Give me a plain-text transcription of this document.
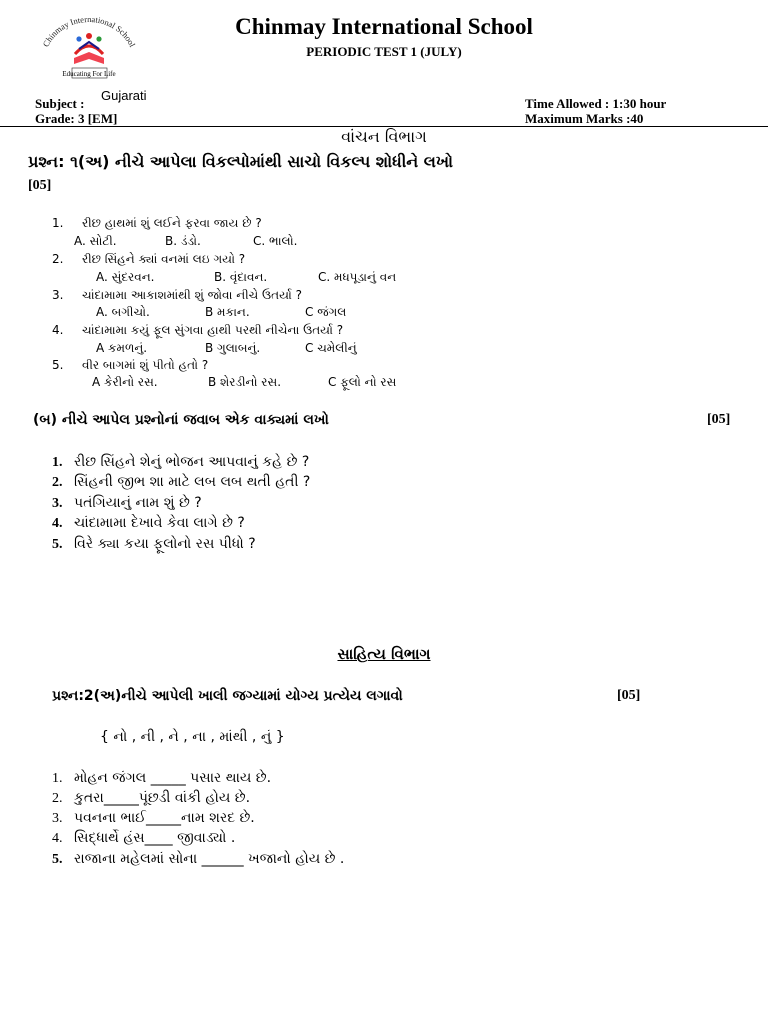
Chinmay International School
Educating For Life
Chinmay International School
PERIODIC TEST 1 (JULY)
Subject :
Gujarati
Grade: 3 [EM]
Time Allowed : 1:30 hour
Maximum Marks :40
વાંચન વિભાગ
પ્રશ્ન: ૧(અ) નીચે આપેલા વિકલ્પોમાંથી સાચો વિકલ્પ શોધીને લખો
[05]
1. રીછ હાથમાં શું લઈને ફરવા જાય છે ?
A. સોટી.	B. ડંડો.	C. ભાલો.
2. રીછ સિંહને ક્યાં વનમાં લઇ ગયો ?
A. સુંદરવન.	B. વૃંદાવન.	C. મધપૂડાનું વન
3. ચાંદામામા આકાશમાંથી શું જોવા નીચે ઉતર્યા ?
A. બગીચો.	B મકાન.	C જંગલ
4. ચાંદામામા કયું ફૂલ સુંગવા હાથી પરથી નીચેના ઉતર્યા ?
A કમળનું.	B ગુલાબનું.	C ચમેલીનું
5. વીર બાગમાં શું પીતો હતો ?
A કેરીનો રસ.	B શેરડીનો રસ.	C ફૂલો નો રસ
(બ) નીચે આપેલ પ્રશ્નોનાં જવાબ એક વાક્યમાં લખો	[05]
1. રીછ સિંહને શેનું ભોજન આપવાનું કહે છે ?
2. સિંહની જીભ શા માટે લબ લબ થતી હતી ?
3. પતંગિયાનું નામ શું છે ?
4. ચાંદામામા દેખાવે કેવા લાગે છે ?
5. વિરે ક્યા કયા ફૂલોનો રસ પીધો ?
સાહિત્ય વિભાગ
પ્રશ્ન:2(અ)નીચે આપેલી ખાલી જગ્યામાં યોગ્ય પ્રત્યેય લગાવો	[05]
{ નો , ની , ને , ના , માંથી , નું }
1. મોહન જંગલ _____ પસાર થાય છે.
2. કુતરા_____પૂંછડી વાંકી હોય છે.
3. પવનના ભાઈ_____નામ શરદ છે.
4. સિદ્ધાર્થે હંસ____ જીવાડ્યો .
5. રાજાના મહેલમાં સોના ______ ખજાનો હોય છે .
